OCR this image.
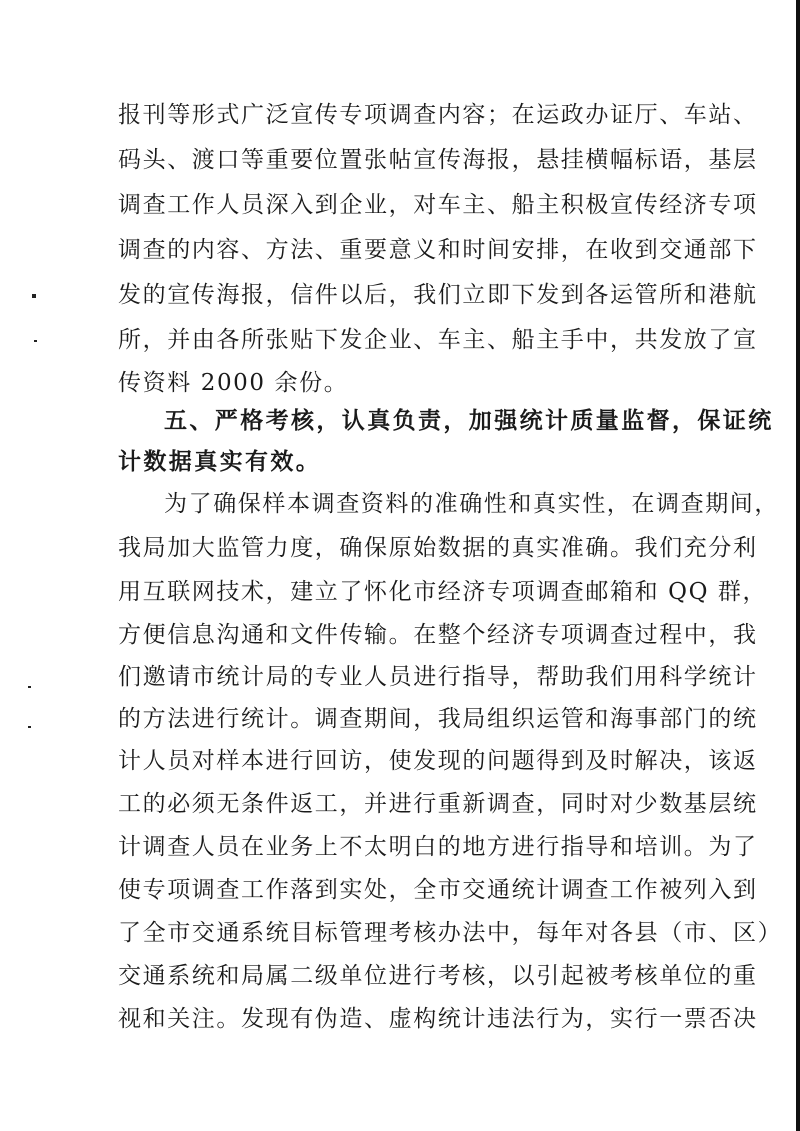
报刊等形式广泛宣传专项调查内容；在运政办证厅、车站、
码头、渡口等重要位置张帖宣传海报，悬挂横幅标语，基层
调查工作人员深入到企业，对车主、船主积极宣传经济专项
调查的内容、方法、重要意义和时间安排，在收到交通部下
发的宣传海报，信件以后，我们立即下发到各运管所和港航
所，并由各所张贴下发企业、车主、船主手中，共发放了宣
传资料 2000 余份。
五、严格考核，认真负责，加强统计质量监督，保证统
计数据真实有效。
为了确保样本调查资料的准确性和真实性，在调查期间，
我局加大监管力度，确保原始数据的真实准确。我们充分利
用互联网技术，建立了怀化市经济专项调查邮箱和 QQ 群，
方便信息沟通和文件传输。在整个经济专项调查过程中，我
们邀请市统计局的专业人员进行指导，帮助我们用科学统计
的方法进行统计。调查期间，我局组织运管和海事部门的统
计人员对样本进行回访，使发现的问题得到及时解决，该返
工的必须无条件返工，并进行重新调查，同时对少数基层统
计调查人员在业务上不太明白的地方进行指导和培训。为了
使专项调查工作落到实处，全市交通统计调查工作被列入到
了全市交通系统目标管理考核办法中，每年对各县（市、区）
交通系统和局属二级单位进行考核，以引起被考核单位的重
视和关注。发现有伪造、虚构统计违法行为，实行一票否决
